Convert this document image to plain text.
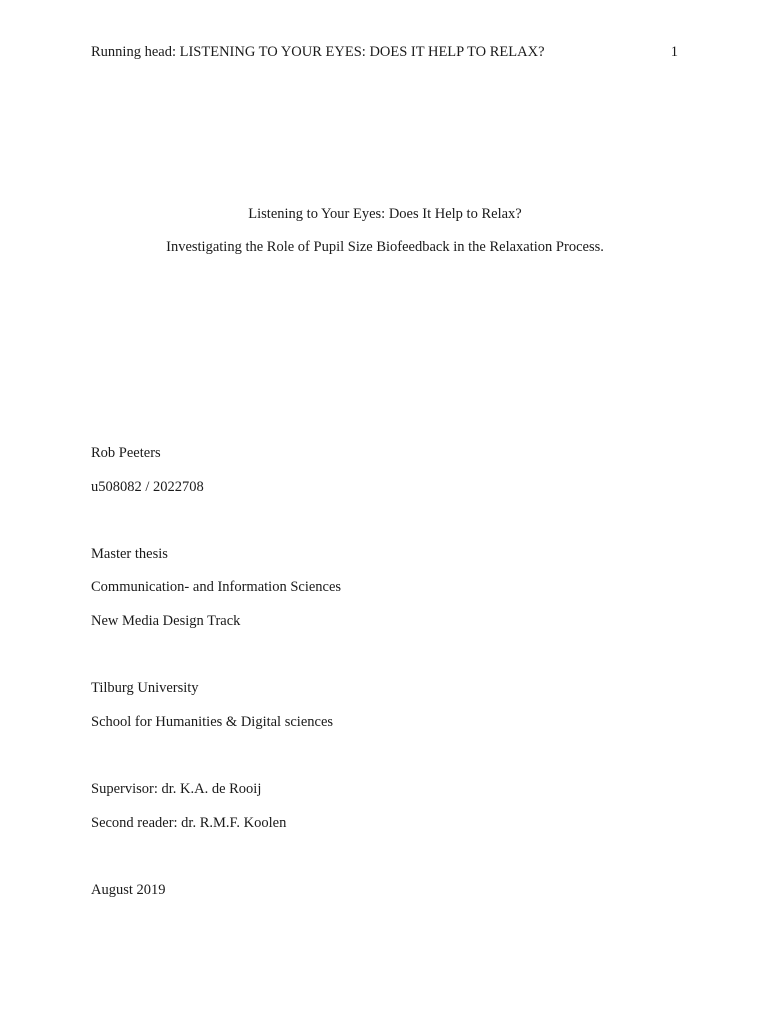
Running head: LISTENING TO YOUR EYES: DOES IT HELP TO RELAX?	1
Listening to Your Eyes: Does It Help to Relax?
Investigating the Role of Pupil Size Biofeedback in the Relaxation Process.
Rob Peeters
u508082 / 2022708
Master thesis
Communication- and Information Sciences
New Media Design Track
Tilburg University
School for Humanities & Digital sciences
Supervisor: dr. K.A. de Rooij
Second reader: dr. R.M.F. Koolen
August 2019
